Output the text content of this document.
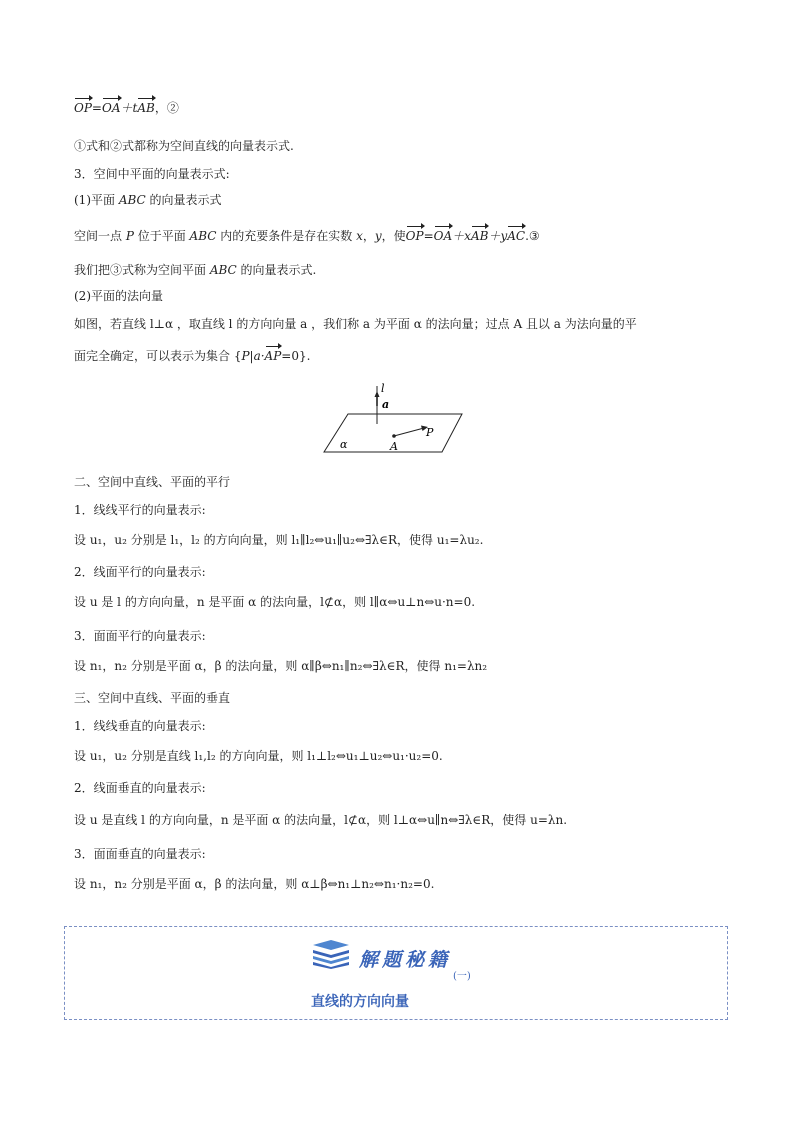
OP=OA＋tAB，②
①式和②式都称为空间直线的向量表示式.
3．空间中平面的向量表示式:
(1)平面 ABC 的向量表示式
空间一点 P 位于平面 ABC 内的充要条件是存在实数 x，y，使OP=OA＋xAB＋yAC.③
我们把③式称为空间平面 ABC 的向量表示式.
(2)平面的法向量
如图，若直线 l⊥α ，取直线 l 的方向向量 a ，我们称 a 为平面 α 的法向量；过点 A 且以 a 为法向量的平
面完全确定，可以表示为集合 {P|a·AP=0}.
l
a
α	A
P
二、空间中直线、平面的平行
1．线线平行的向量表示:
设 u₁，u₂ 分别是 l₁，l₂ 的方向向量，则 l₁∥l₂⇔u₁∥u₂⇔∃λ∈R，使得 u₁=λu₂.
2．线面平行的向量表示:
设 u 是 l 的方向向量，n 是平面 α 的法向量，l⊄α，则 l∥α⇔u⊥n⇔u·n=0.
3．面面平行的向量表示:
设 n₁，n₂ 分别是平面 α，β 的法向量，则 α∥β⇔n₁∥n₂⇔∃λ∈R，使得 n₁=λn₂
三、空间中直线、平面的垂直
1．线线垂直的向量表示:
设 u₁，u₂ 分别是直线 l₁,l₂ 的方向向量，则 l₁⊥l₂⇔u₁⊥u₂⇔u₁·u₂=0.
2．线面垂直的向量表示:
设 u 是直线 l 的方向向量，n 是平面 α 的法向量，l⊄α，则 l⊥α⇔u∥n⇔∃λ∈R，使得 u=λn.
3．面面垂直的向量表示:
设 n₁，n₂ 分别是平面 α，β 的法向量，则 α⊥β⇔n₁⊥n₂⇔n₁·n₂=0.
解题秘籍
(一)
直线的方向向量
